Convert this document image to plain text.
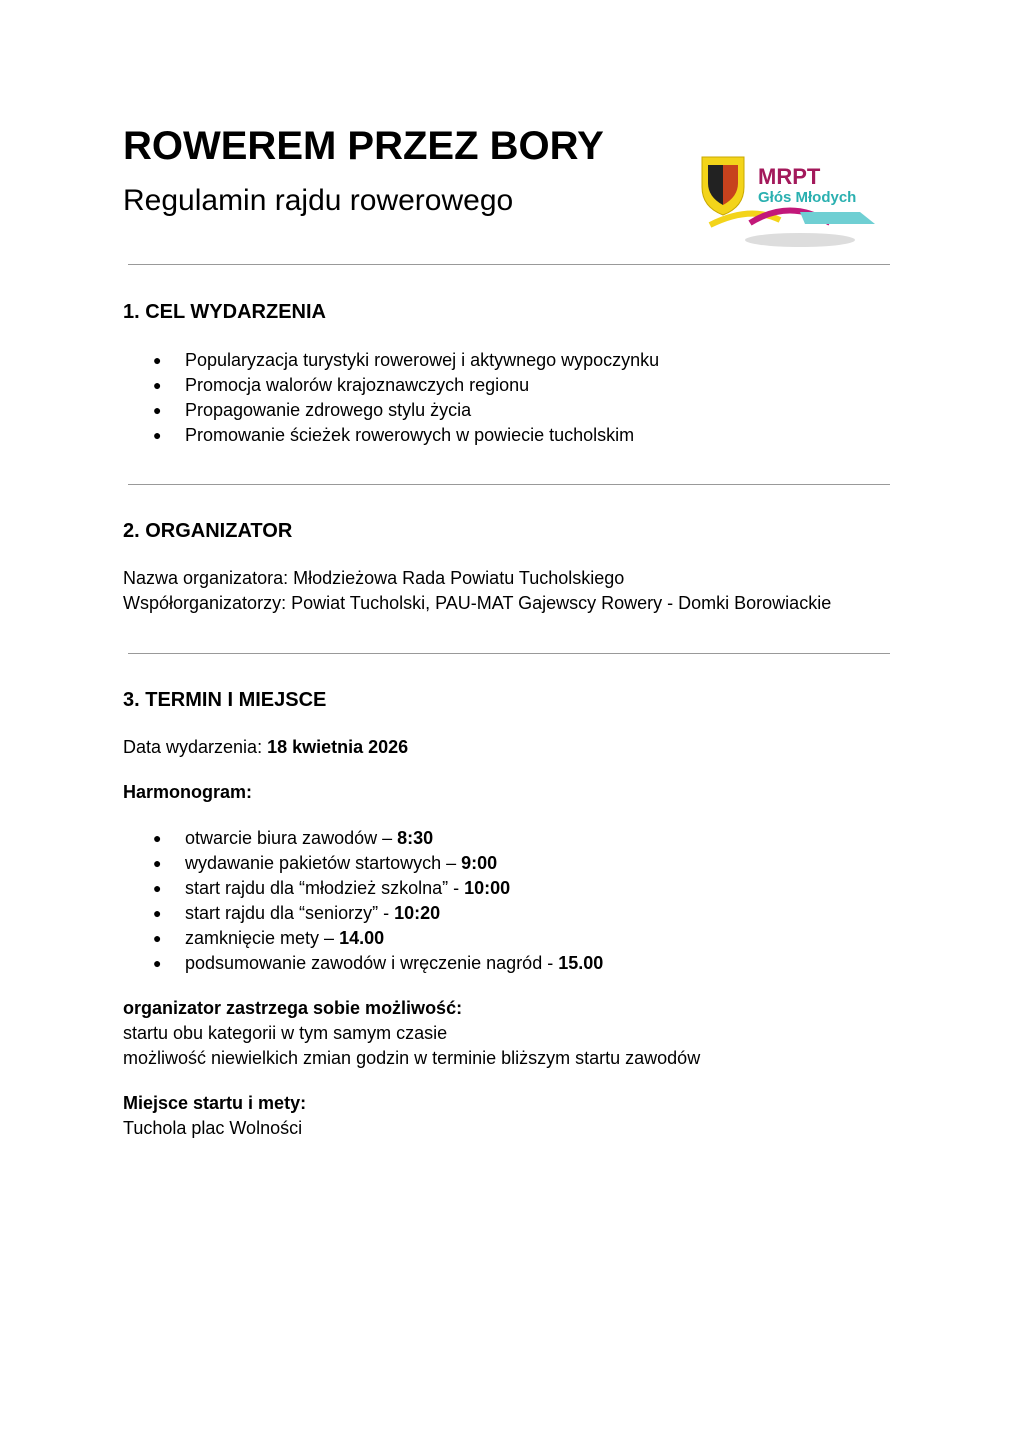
ROWEREM PRZEZ BORY
Regulamin rajdu rowerowego
MRPT
Głós Młodych
1. CEL WYDARZENIA
● Popularyzacja turystyki rowerowej i aktywnego wypoczynku
● Promocja walorów krajoznawczych regionu
● Propagowanie zdrowego stylu życia
● Promowanie ścieżek rowerowych w powiecie tucholskim
2. ORGANIZATOR
Nazwa organizatora: Młodzieżowa Rada Powiatu Tucholskiego
Współorganizatorzy: Powiat Tucholski, PAU-MAT Gajewscy Rowery - Domki Borowiackie
3. TERMIN I MIEJSCE
Data wydarzenia: 18 kwietnia 2026
Harmonogram:
● otwarcie biura zawodów – 8:30
● wydawanie pakietów startowych – 9:00
● start rajdu dla “młodzież szkolna” - 10:00
● start rajdu dla “seniorzy” - 10:20
● zamknięcie mety – 14.00
● podsumowanie zawodów i wręczenie nagród - 15.00
organizator zastrzega sobie możliwość:
startu obu kategorii w tym samym czasie
możliwość niewielkich zmian godzin w terminie bliższym startu zawodów
Miejsce startu i mety:
Tuchola plac Wolności
